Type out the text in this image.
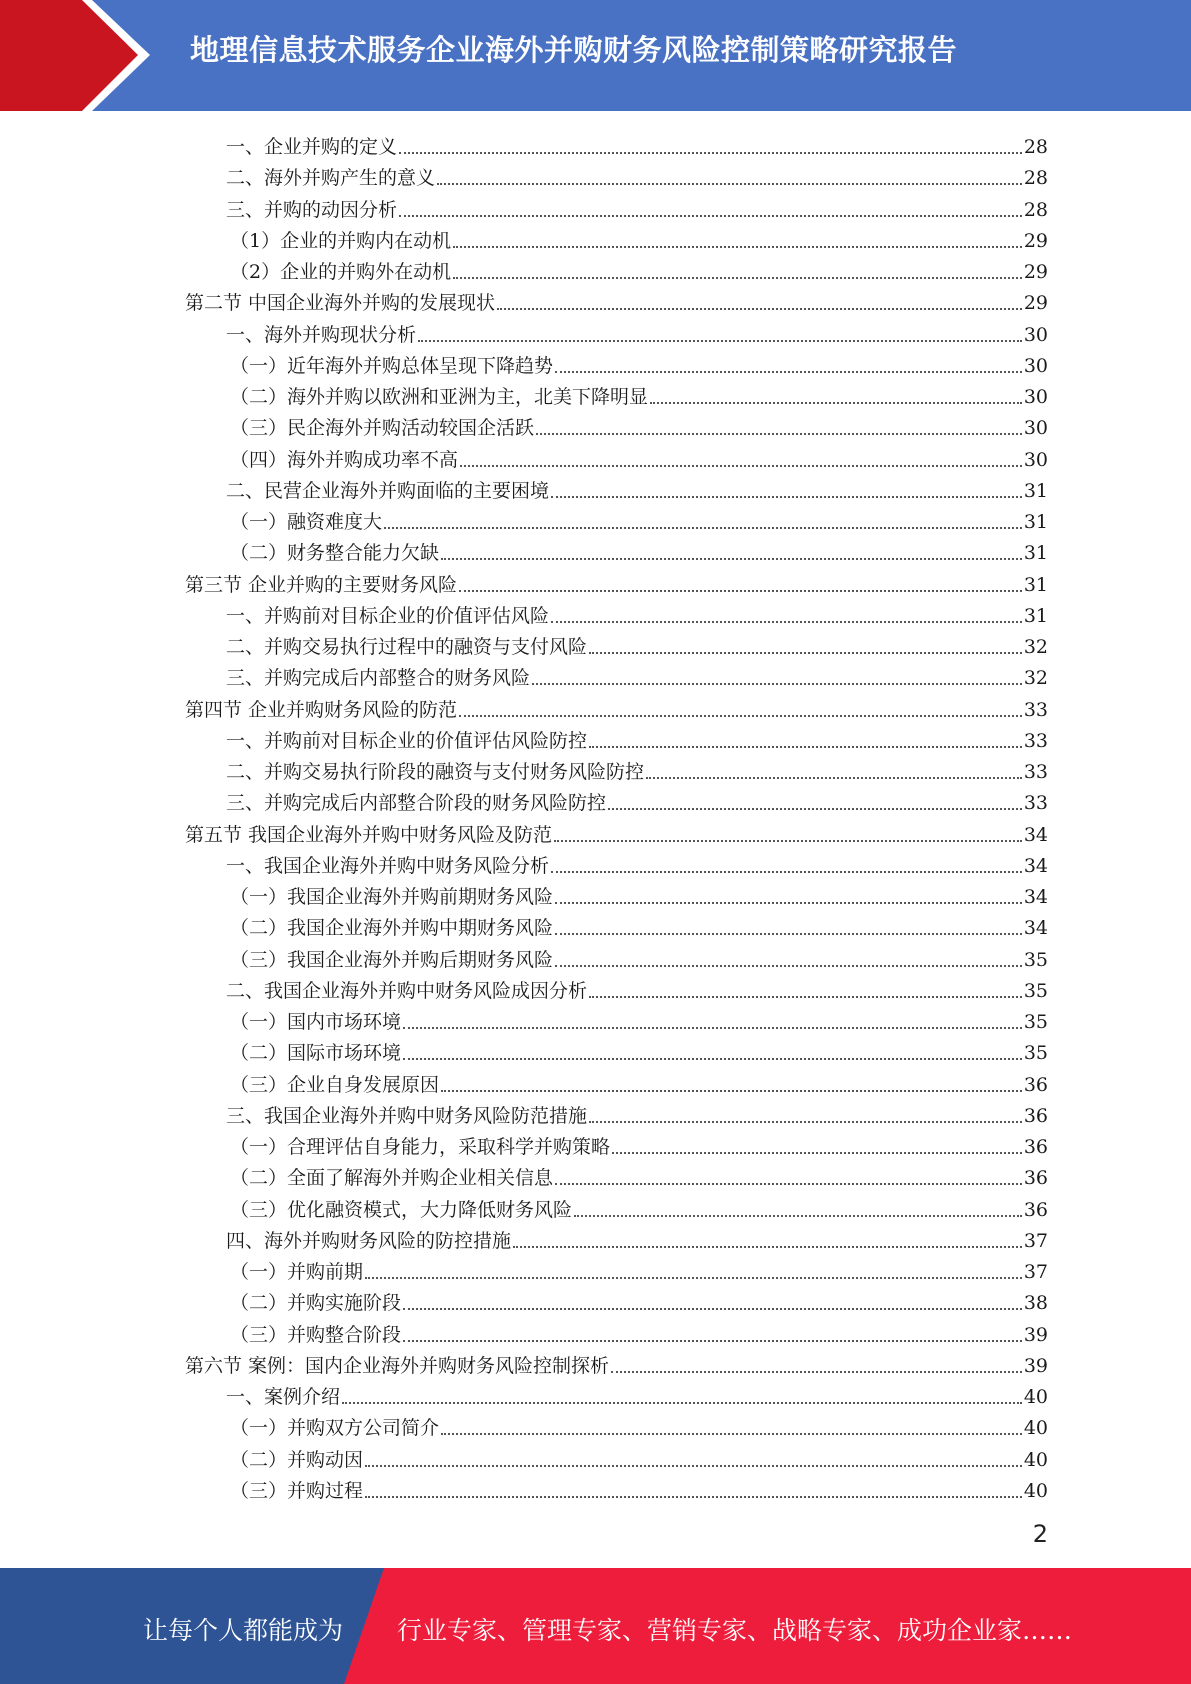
地理信息技术服务企业海外并购财务风险控制策略研究报告
一、企业并购的定义	28
二、海外并购产生的意义	28
三、并购的动因分析	28
（1）企业的并购内在动机	29
（2）企业的并购外在动机	29
第二节 中国企业海外并购的发展现状	29
一、海外并购现状分析	30
（一）近年海外并购总体呈现下降趋势	30
（二）海外并购以欧洲和亚洲为主，北美下降明显	30
（三）民企海外并购活动较国企活跃	30
（四）海外并购成功率不高	30
二、民营企业海外并购面临的主要困境	31
（一）融资难度大	31
（二）财务整合能力欠缺	31
第三节 企业并购的主要财务风险	31
一、并购前对目标企业的价值评估风险	31
二、并购交易执行过程中的融资与支付风险	32
三、并购完成后内部整合的财务风险	32
第四节 企业并购财务风险的防范	33
一、并购前对目标企业的价值评估风险防控	33
二、并购交易执行阶段的融资与支付财务风险防控	33
三、并购完成后内部整合阶段的财务风险防控	33
第五节 我国企业海外并购中财务风险及防范	34
一、我国企业海外并购中财务风险分析	34
（一）我国企业海外并购前期财务风险	34
（二）我国企业海外并购中期财务风险	34
（三）我国企业海外并购后期财务风险	35
二、我国企业海外并购中财务风险成因分析	35
（一）国内市场环境	35
（二）国际市场环境	35
（三）企业自身发展原因	36
三、我国企业海外并购中财务风险防范措施	36
（一）合理评估自身能力，采取科学并购策略	36
（二）全面了解海外并购企业相关信息	36
（三）优化融资模式，大力降低财务风险	36
四、海外并购财务风险的防控措施	37
（一）并购前期	37
（二）并购实施阶段	38
（三）并购整合阶段	39
第六节 案例：国内企业海外并购财务风险控制探析	39
一、案例介绍	40
（一）并购双方公司简介	40
（二）并购动因	40
（三）并购过程	40
2
让每个人都能成为 行业专家、管理专家、营销专家、战略专家、成功企业家……
